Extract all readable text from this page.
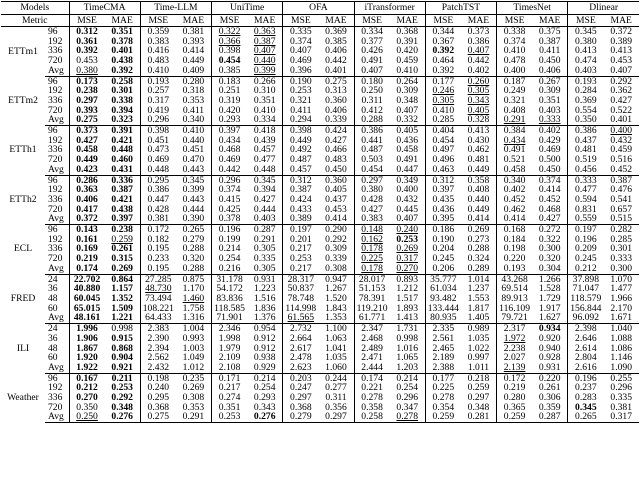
Models		TimeCMA		Time-LLM		UniTime		OFA		iTransformer		PatchTST		TimesNet		Dlinear	
Metric		MSE	MAE	MSE	MAE	MSE	MAE	MSE	MAE	MSE	MAE	MSE	MAE	MSE	MAE	MSE	MAE
ETTm1	96	0.312	0.351	0.359	0.381	0.322	0.363	0.335	0.369	0.334	0.368	0.344	0.373	0.338	0.375	0.345	0.372
	192	0.361	0.378	0.383	0.393	0.366	0.387	0.374	0.385	0.377	0.391	0.367	0.386	0.374	0.387	0.380	0.389
	336	0.392	0.401	0.416	0.414	0.398	0.407	0.407	0.406	0.426	0.420	0.392	0.407	0.410	0.411	0.413	0.413
	720	0.453	0.438	0.483	0.449	0.454	0.440	0.469	0.442	0.491	0.459	0.464	0.442	0.478	0.450	0.474	0.453
	Avg	0.380	0.392	0.410	0.409	0.385	0.399	0.396	0.401	0.407	0.410	0.392	0.402	0.400	0.406	0.403	0.407
ETTm2	96	0.173	0.258	0.193	0.280	0.183	0.266	0.190	0.275	0.180	0.264	0.177	0.260	0.187	0.267	0.193	0.292
	192	0.238	0.301	0.257	0.318	0.251	0.310	0.253	0.313	0.250	0.309	0.246	0.305	0.249	0.309	0.284	0.362
	336	0.297	0.338	0.317	0.353	0.319	0.351	0.321	0.360	0.311	0.348	0.305	0.343	0.321	0.351	0.369	0.427
	720	0.393	0.394	0.419	0.411	0.420	0.410	0.411	0.406	0.412	0.407	0.410	0.405	0.408	0.403	0.554	0.522
	Avg	0.275	0.323	0.296	0.340	0.293	0.334	0.294	0.339	0.288	0.332	0.285	0.328	0.291	0.333	0.350	0.401
ETTh1	96	0.373	0.391	0.398	0.410	0.397	0.418	0.398	0.424	0.386	0.405	0.404	0.413	0.384	0.402	0.386	0.400
	192	0.427	0.421	0.451	0.440	0.434	0.439	0.449	0.427	0.441	0.436	0.454	0.430	0.434	0.429	0.437	0.432
	336	0.458	0.448	0.473	0.451	0.468	0.457	0.492	0.466	0.487	0.458	0.497	0.462	0.491	0.469	0.481	0.459
	720	0.449	0.460	0.469	0.470	0.469	0.477	0.487	0.483	0.503	0.491	0.496	0.481	0.521	0.500	0.519	0.516
	Avg	0.423	0.431	0.448	0.443	0.442	0.448	0.457	0.450	0.454	0.447	0.463	0.449	0.458	0.450	0.456	0.452
ETTh2	96	0.286	0.336	0.295	0.345	0.296	0.345	0.312	0.360	0.297	0.349	0.312	0.358	0.340	0.374	0.333	0.387
	192	0.363	0.387	0.386	0.399	0.374	0.394	0.387	0.405	0.380	0.400	0.397	0.408	0.402	0.414	0.477	0.476
	336	0.406	0.421	0.447	0.443	0.415	0.427	0.424	0.437	0.428	0.432	0.435	0.440	0.452	0.452	0.594	0.541
	720	0.417	0.438	0.428	0.444	0.425	0.444	0.433	0.453	0.427	0.445	0.436	0.449	0.462	0.468	0.831	0.657
	Avg	0.372	0.397	0.381	0.390	0.378	0.403	0.389	0.414	0.383	0.407	0.395	0.414	0.414	0.427	0.559	0.515
ECL	96	0.143	0.238	0.172	0.265	0.196	0.287	0.197	0.290	0.148	0.240	0.186	0.269	0.168	0.272	0.197	0.282
	192	0.161	0.259	0.182	0.279	0.199	0.291	0.201	0.292	0.162	0.253	0.190	0.273	0.184	0.322	0.196	0.285
	336	0.169	0.261	0.195	0.288	0.214	0.305	0.217	0.309	0.178	0.269	0.204	0.288	0.198	0.300	0.209	0.301
	720	0.219	0.315	0.233	0.320	0.254	0.335	0.253	0.339	0.225	0.317	0.245	0.324	0.220	0.320	0.245	0.333
	Avg	0.174	0.269	0.195	0.288	0.216	0.305	0.217	0.308	0.178	0.270	0.206	0.289	0.193	0.304	0.212	0.300
FRED	24	22.702	0.864	27.285	0.875	31.178	0.931	28.317	0.947	28.017	0.893	35.777	1.014	43.268	1.266	37.898	1.070
	36	40.880	1.157	48.730	1.170	54.172	1.223	50.837	1.267	51.153	1.212	61.034	1.237	69.514	1.528	71.047	1.477
	48	60.045	1.352	73.494	1.460	83.836	1.516	78.748	1.520	78.391	1.517	93.482	1.553	89.913	1.729	118.579	1.966
	60	65.015	1.509	108.221	1.758	118.585	1.836	114.998	1.843	119.210	1.893	133.444	1.817	116.109	1.917	156.844	2.170
	Avg	48.161	1.221	64.433	1.316	71.901	1.376	61.565	1.353	61.771	1.413	80.935	1.405	79.721	1.627	96.092	1.671
ILI	24	1.996	0.998	2.383	1.004	2.346	0.954	2.732	1.100	2.347	1.731	2.335	0.989	2.317	0.934	2.398	1.040
	36	1.906	0.915	2.390	0.993	1.998	0.912	2.664	1.063	2.468	0.998	2.561	1.035	1.972	0.920	2.646	1.088
	48	1.867	0.868	2.394	1.003	1.979	0.912	2.617	1.041	2.489	1.016	2.465	1.022	2.238	0.940	2.614	1.086
	60	1.920	0.904	2.562	1.049	2.109	0.938	2.478	1.035	2.471	1.065	2.189	0.997	2.027	0.928	2.804	1.146
	Avg	1.922	0.921	2.432	1.012	2.108	0.929	2.623	1.060	2.444	1.203	2.388	1.011	2.139	0.931	2.616	1.090
Weather	96	0.167	0.211	0.198	0.235	0.171	0.214	0.203	0.244	0.174	0.214	0.177	0.218	0.172	0.220	0.196	0.255
	192	0.212	0.253	0.240	0.269	0.217	0.254	0.247	0.277	0.221	0.254	0.225	0.259	0.219	0.261	0.237	0.296
	336	0.270	0.292	0.295	0.308	0.274	0.293	0.297	0.311	0.278	0.296	0.278	0.297	0.280	0.306	0.283	0.335
	720	0.350	0.348	0.368	0.353	0.351	0.343	0.368	0.356	0.358	0.347	0.354	0.348	0.365	0.359	0.345	0.381
	Avg	0.250	0.276	0.275	0.291	0.253	0.276	0.279	0.297	0.258	0.278	0.259	0.281	0.259	0.287	0.265	0.317
